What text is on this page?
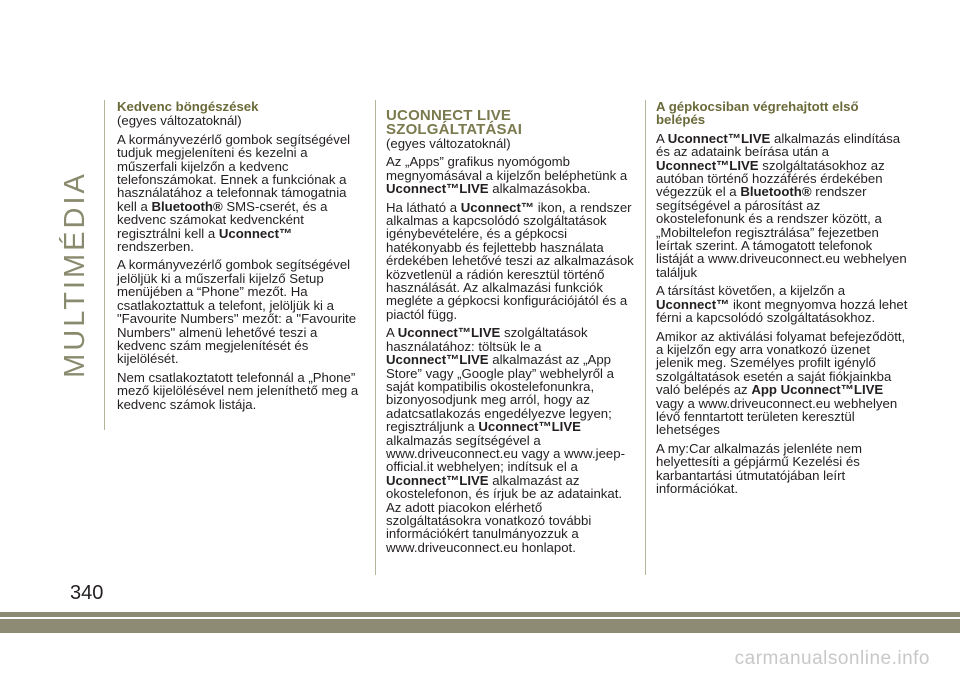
MULTIMÉDIA
Kedvenc böngészések

(egyes változatoknál)

A kormányvezérlő gombok segítségével tudjuk megjeleníteni és kezelni a műszerfali kijelzőn a kedvenc telefonszámokat. Ennek a funkciónak a használatához a telefonnak támogatnia kell a Bluetooth® SMS-cserét, és a kedvenc számokat kedvencként regisztrálni kell a Uconnect™ rendszerben.

A kormányvezérlő gombok segítségével jelöljük ki a műszerfali kijelző Setup menüjében a “Phone” mezőt. Ha csatlakoztattuk a telefont, jelöljük ki a "Favourite Numbers" mezőt: a "Favourite Numbers" almenü lehetővé teszi a kedvenc szám megjelenítését és kijelölését.

Nem csatlakoztatott telefonnál a „Phone” mező kijelölésével nem jeleníthető meg a kedvenc számok listája.

UCONNECT LIVE
SZOLGÁLTATÁSAI

(egyes változatoknál)

Az „Apps” grafikus nyomógomb megnyomásával a kijelzőn beléphetünk a Uconnect™LIVE alkalmazásokba.

Ha látható a Uconnect™ ikon, a rendszer alkalmas a kapcsolódó szolgáltatások igénybevételére, és a gépkocsi hatékonyabb és fejlettebb használata érdekében lehetővé teszi az alkalmazások közvetlenül a rádión keresztül történő használását. Az alkalmazási funkciók megléte a gépkocsi konfigurációjától és a piactól függ.

A Uconnect™LIVE szolgáltatások használatához: töltsük le a Uconnect™LIVE alkalmazást az „App Store” vagy „Google play” webhelyről a saját kompatibilis okostelefonunkra, bizonyosodjunk meg arról, hogy az adatcsatlakozás engedélyezve legyen; regisztráljunk a Uconnect™LIVE alkalmazás segítségével a www.driveuconnect.eu vagy a www.jeep-official.it webhelyen; indítsuk el a Uconnect™LIVE alkalmazást az okostelefonon, és írjuk be az adatainkat. Az adott piacokon elérhető szolgáltatásokra vonatkozó további információkért tanulmányozzuk a www.driveuconnect.eu honlapot.

A gépkocsiban végrehajtott első belépés

A Uconnect™LIVE alkalmazás elindítása és az adataink beírása után a Uconnect™LIVE szolgáltatásokhoz az autóban történő hozzáférés érdekében végezzük el a Bluetooth® rendszer segítségével a párosítást az okostelefonunk és a rendszer között, a „Mobiltelefon regisztrálása” fejezetben leírtak szerint. A támogatott telefonok listáját a www.driveuconnect.eu webhelyen találjuk

A társítást követően, a kijelzőn a Uconnect™ ikont megnyomva hozzá lehet férni a kapcsolódó szolgáltatásokhoz.

Amikor az aktiválási folyamat befejeződött, a kijelzőn egy arra vonatkozó üzenet jelenik meg. Személyes profilt igénylő szolgáltatások esetén a saját fiókjainkba való belépés az App Uconnect™LIVE vagy a www.driveuconnect.eu webhelyen lévő fenntartott területen keresztül lehetséges

A my:Car alkalmazás jelenléte nem helyettesíti a gépjármű Kezelési és karbantartási útmutatójában leírt információkat.

340
carmanualsonline.info
